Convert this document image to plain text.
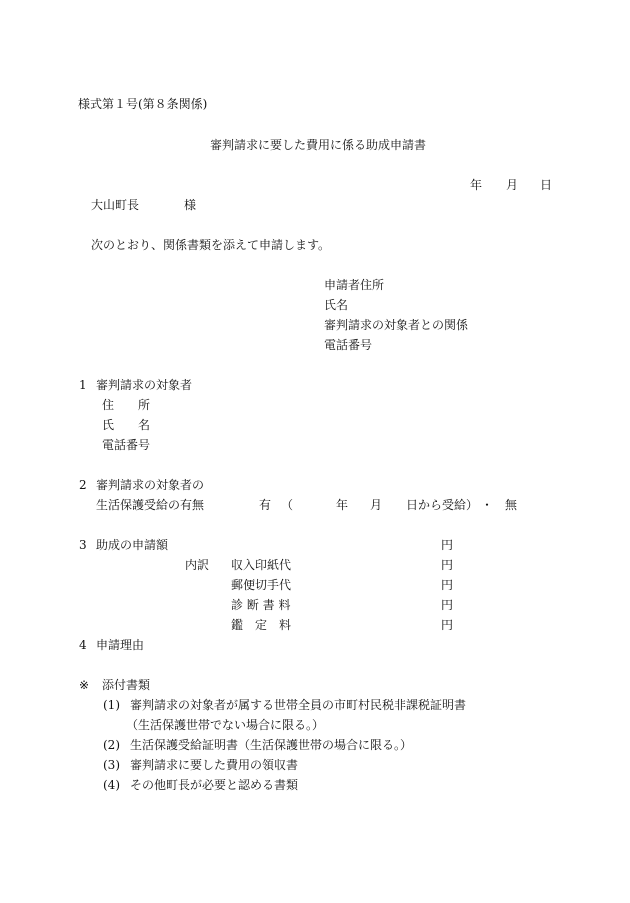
様式第１号(第８条関係)
審判請求に要した費用に係る助成申請書
年 月 日
大山町長	様
次のとおり、関係書類を添えて申請します。
申請者住所
氏名
審判請求の対象者との関係
電話番号
1 審判請求の対象者
住　　所
氏　　名
電話番号
2 審判請求の対象者の
生活保護受給の有無	有 （	年 月 日から受給） ・ 無
3 助成の申請額	円
内訳 収入印紙代	円
郵便切手代	円
診 断 書 料	円
鑑　定　料	円
4 申請理由
※ 添付書類
(1) 審判請求の対象者が属する世帯全員の市町村民税非課税証明書
（生活保護世帯でない場合に限る。）
(2) 生活保護受給証明書（生活保護世帯の場合に限る。）
(3) 審判請求に要した費用の領収書
(4) その他町長が必要と認める書類
